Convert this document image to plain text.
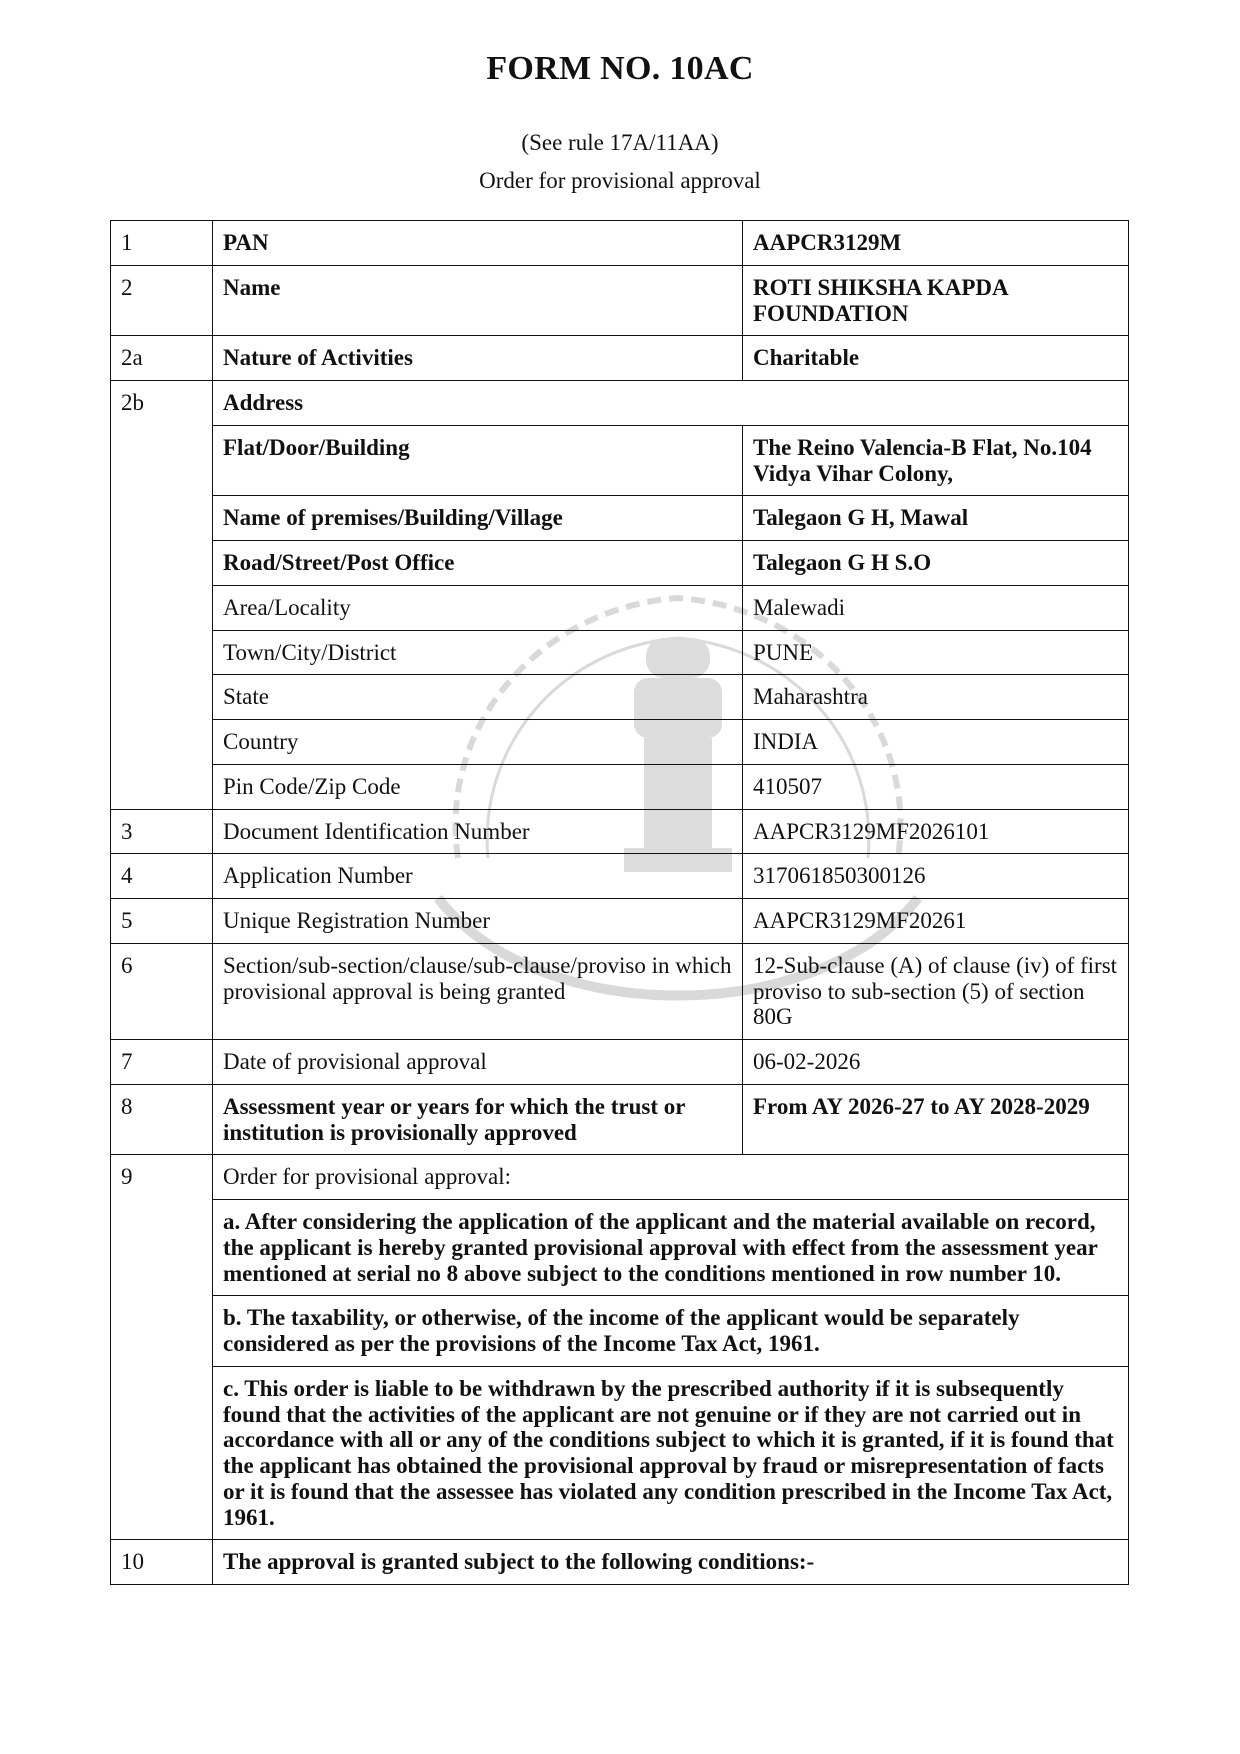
FORM NO. 10AC
(See rule 17A/11AA)
Order for provisional approval
1	PAN	AAPCR3129M
2	Name	ROTI SHIKSHA KAPDA FOUNDATION
2a	Nature of Activities	Charitable
2b	Address	
	Flat/Door/Building	The Reino Valencia-B Flat, No.104 Vidya Vihar Colony,
	Name of premises/Building/Village	Talegaon G H, Mawal
	Road/Street/Post Office	Talegaon G H S.O
	Area/Locality	Malewadi
	Town/City/District	PUNE
	State	Maharashtra
	Country	INDIA
	Pin Code/Zip Code	410507
3	Document Identification Number	AAPCR3129MF2026101
4	Application Number	317061850300126
5	Unique Registration Number	AAPCR3129MF20261
6	Section/sub-section/clause/sub-clause/proviso in which provisional approval is being granted	12-Sub-clause (A) of clause (iv) of first proviso to sub-section (5) of section 80G
7	Date of provisional approval	06-02-2026
8	Assessment year or years for which the trust or institution is provisionally approved	From AY 2026-27 to AY 2028-2029
9	Order for provisional approval:	
	a. After considering the application of the applicant and the material available on record, the applicant is hereby granted provisional approval with effect from the assessment year mentioned at serial no 8 above subject to the conditions mentioned in row number 10.	
	b. The taxability, or otherwise, of the income of the applicant would be separately considered as per the provisions of the Income Tax Act, 1961.	
	c. This order is liable to be withdrawn by the prescribed authority if it is subsequently found that the activities of the applicant are not genuine or if they are not carried out in accordance with all or any of the conditions subject to which it is granted, if it is found that the applicant has obtained the provisional approval by fraud or misrepresentation of facts or it is found that the assessee has violated any condition prescribed in the Income Tax Act, 1961.	
10	The approval is granted subject to the following conditions:-	
